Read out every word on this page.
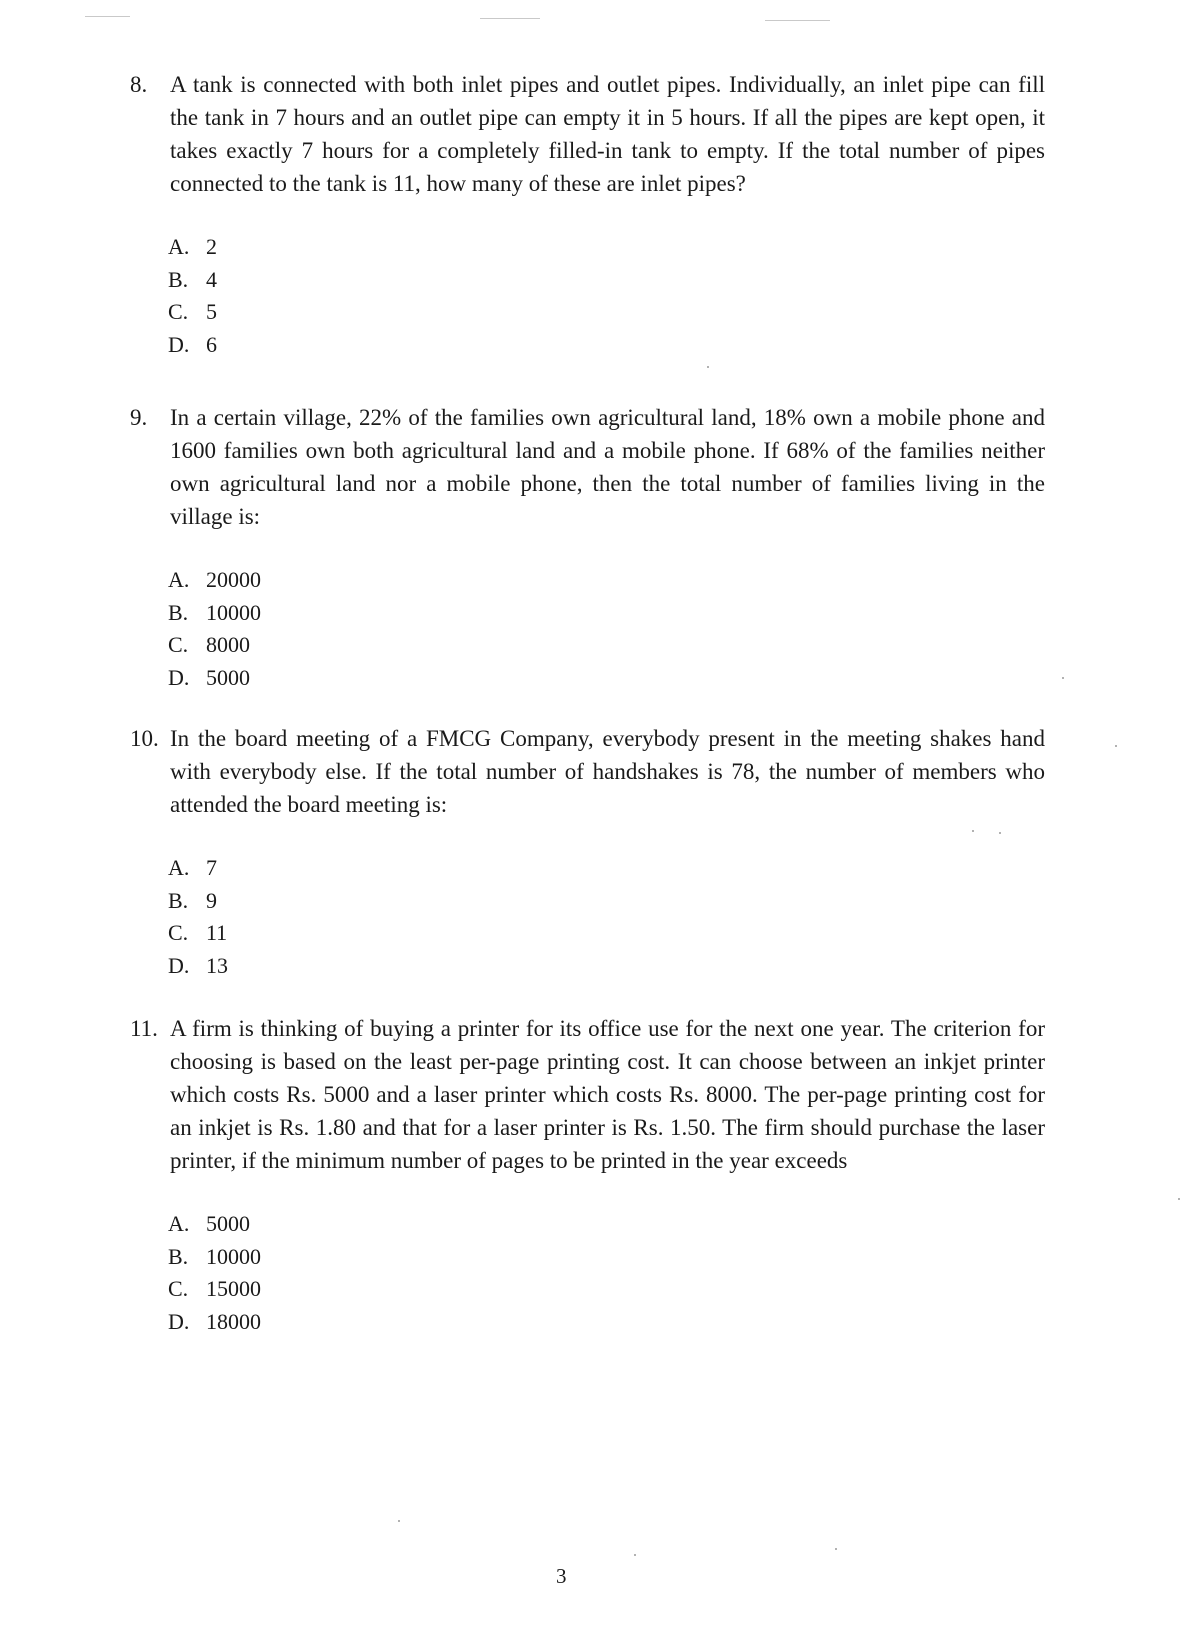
8. A tank is connected with both inlet pipes and outlet pipes. Individually, an inlet pipe can fill the tank in 7 hours and an outlet pipe can empty it in 5 hours. If all the pipes are kept open, it takes exactly 7 hours for a completely filled-in tank to empty. If the total number of pipes connected to the tank is 11, how many of these are inlet pipes?
A. 2
B. 4
C. 5
D. 6
9. In a certain village, 22% of the families own agricultural land, 18% own a mobile phone and 1600 families own both agricultural land and a mobile phone. If 68% of the families neither own agricultural land nor a mobile phone, then the total number of families living in the village is:
A. 20000
B. 10000
C. 8000
D. 5000
10. In the board meeting of a FMCG Company, everybody present in the meeting shakes hand with everybody else. If the total number of handshakes is 78, the number of members who attended the board meeting is:
A. 7
B. 9
C. 11
D. 13
11. A firm is thinking of buying a printer for its office use for the next one year. The criterion for choosing is based on the least per-page printing cost. It can choose between an inkjet printer which costs Rs. 5000 and a laser printer which costs Rs. 8000. The per-page printing cost for an inkjet is Rs. 1.80 and that for a laser printer is Rs. 1.50. The firm should purchase the laser printer, if the minimum number of pages to be printed in the year exceeds
A. 5000
B. 10000
C. 15000
D. 18000
3
